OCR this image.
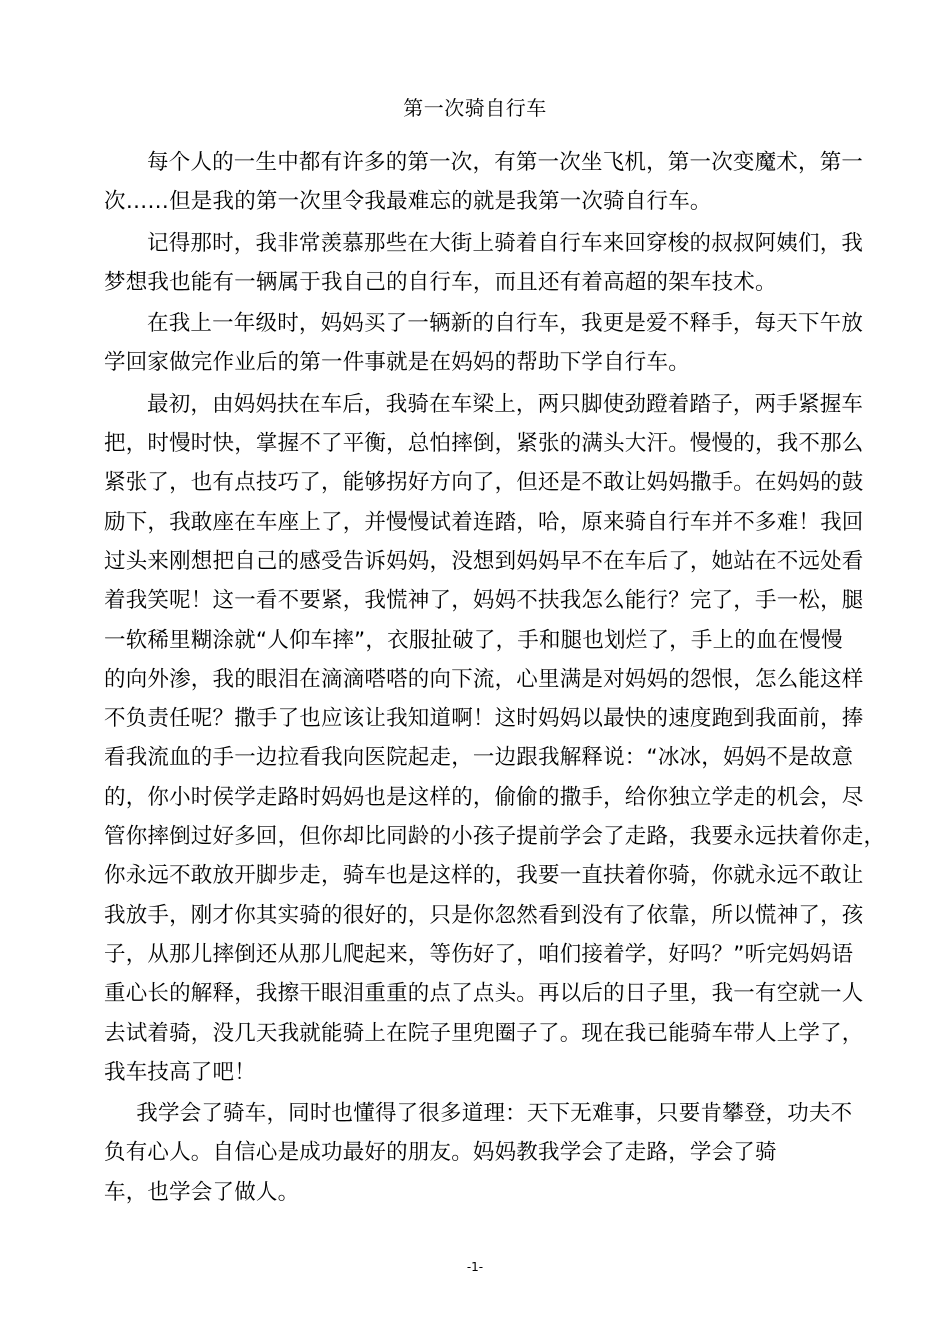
第一次骑自行车

每个人的一生中都有许多的第一次，有第一次坐飞机，第一次变魔术，第一
次……但是我的第一次里令我最难忘的就是我第一次骑自行车。

记得那时，我非常羡慕那些在大街上骑着自行车来回穿梭的叔叔阿姨们，我
梦想我也能有一辆属于我自己的自行车，而且还有着高超的架车技术。

在我上一年级时，妈妈买了一辆新的自行车，我更是爱不释手，每天下午放
学回家做完作业后的第一件事就是在妈妈的帮助下学自行车。

最初，由妈妈扶在车后，我骑在车梁上，两只脚使劲蹬着踏子，两手紧握车
把，时慢时快，掌握不了平衡，总怕摔倒，紧张的满头大汗。慢慢的，我不那么
紧张了，也有点技巧了，能够拐好方向了，但还是不敢让妈妈撒手。在妈妈的鼓
励下，我敢座在车座上了，并慢慢试着连踏，哈，原来骑自行车并不多难！我回
过头来刚想把自己的感受告诉妈妈，没想到妈妈早不在车后了，她站在不远处看
着我笑呢！这一看不要紧，我慌神了，妈妈不扶我怎么能行？完了，手一松，腿
一软稀里糊涂就“人仰车摔”，衣服扯破了，手和腿也划烂了，手上的血在慢慢
的向外渗，我的眼泪在滴滴嗒嗒的向下流，心里满是对妈妈的怨恨，怎么能这样
不负责任呢？撒手了也应该让我知道啊！这时妈妈以最快的速度跑到我面前，捧
看我流血的手一边拉看我向医院起走，一边跟我解释说：“冰冰，妈妈不是故意
的，你小时侯学走路时妈妈也是这样的，偷偷的撒手，给你独立学走的机会，尽
管你摔倒过好多回，但你却比同龄的小孩子提前学会了走路，我要永远扶着你走，
你永远不敢放开脚步走，骑车也是这样的，我要一直扶着你骑，你就永远不敢让
我放手，刚才你其实骑的很好的，只是你忽然看到没有了依靠，所以慌神了，孩
子，从那儿摔倒还从那儿爬起来，等伤好了，咱们接着学，好吗？”听完妈妈语
重心长的解释，我擦干眼泪重重的点了点头。再以后的日子里，我一有空就一人
去试着骑，没几天我就能骑上在院子里兜圈子了。现在我已能骑车带人上学了，
我车技高了吧！

我学会了骑车，同时也懂得了很多道理：天下无难事，只要肯攀登，功夫不
负有心人。自信心是成功最好的朋友。妈妈教我学会了走路，学会了骑
车，也学会了做人。

-1-
